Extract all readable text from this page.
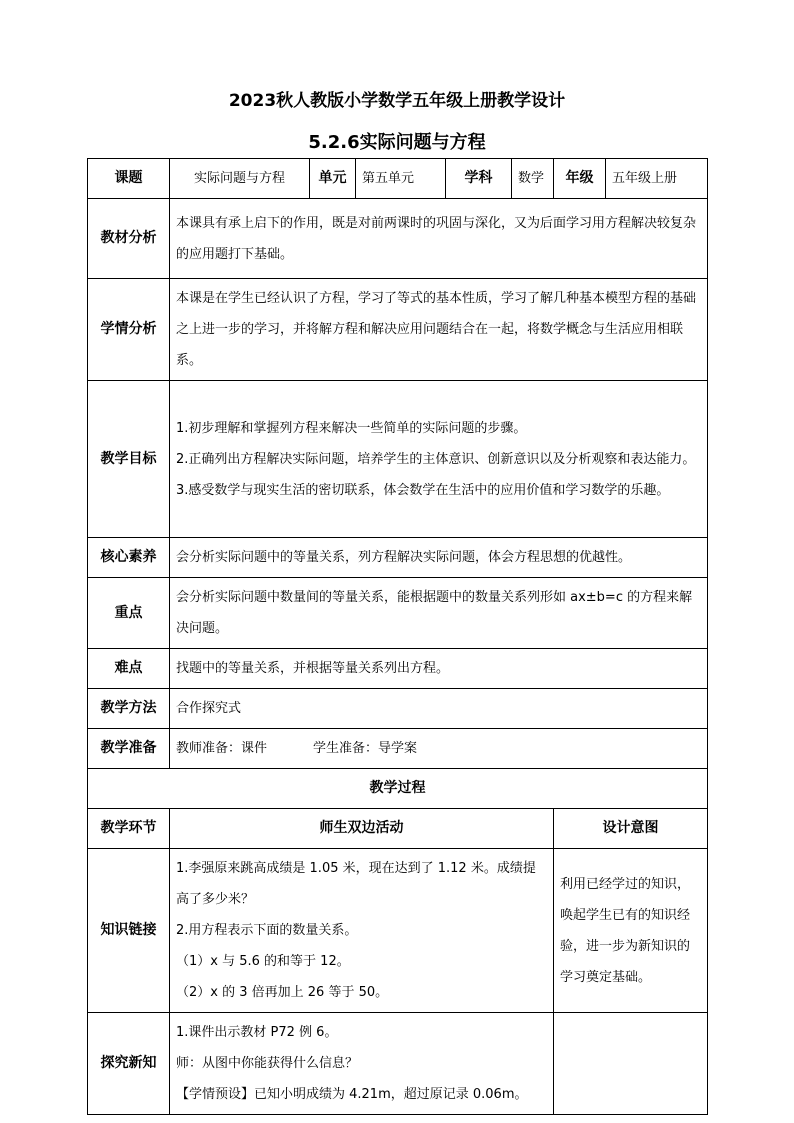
2023秋人教版小学数学五年级上册教学设计
5.2.6实际问题与方程
课题	实际问题与方程	单元	第五单元	学科	数学	年级	五年级上册
教材分析	本课具有承上启下的作用，既是对前两课时的巩固与深化，又为后面学习用方程解决较复杂的应用题打下基础。						
学情分析	本课是在学生已经认识了方程，学习了等式的基本性质，学习了解几种基本模型方程的基础之上进一步的学习，并将解方程和解决应用问题结合在一起，将数学概念与生活应用相联系。						
教学目标	1.初步理解和掌握列方程来解决一些简单的实际问题的步骤。
2.正确列出方程解决实际问题，培养学生的主体意识、创新意识以及分析观察和表达能力。
3.感受数学与现实生活的密切联系，体会数学在生活中的应用价值和学习数学的乐趣。						

核心素养	会分析实际问题中的等量关系，列方程解决实际问题，体会方程思想的优越性。						
重点	会分析实际问题中数量间的等量关系，能根据题中的数量关系列形如 ax±b=c 的方程来解决问题。						
难点	找题中的等量关系，并根据等量关系列出方程。						
教学方法	合作探究式						
教学准备	教师准备：课件 学生准备：导学案						
教学过程							
教学环节	师生双边活动					设计意图	
知识链接	1.李强原来跳高成绩是 1.05 米，现在达到了 1.12 米。成绩提高了多少米？
2.用方程表示下面的数量关系。
（1）x 与 5.6 的和等于 12。
（2）x 的 3 倍再加上 26 等于 50。					利用已经学过的知识，唤起学生已有的知识经验，进一步为新知识的学习奠定基础。	
探究新知	1.课件出示教材 P72 例 6。
师：从图中你能获得什么信息？
【学情预设】已知小明成绩为 4.21m，超过原记录 0.06m。						
